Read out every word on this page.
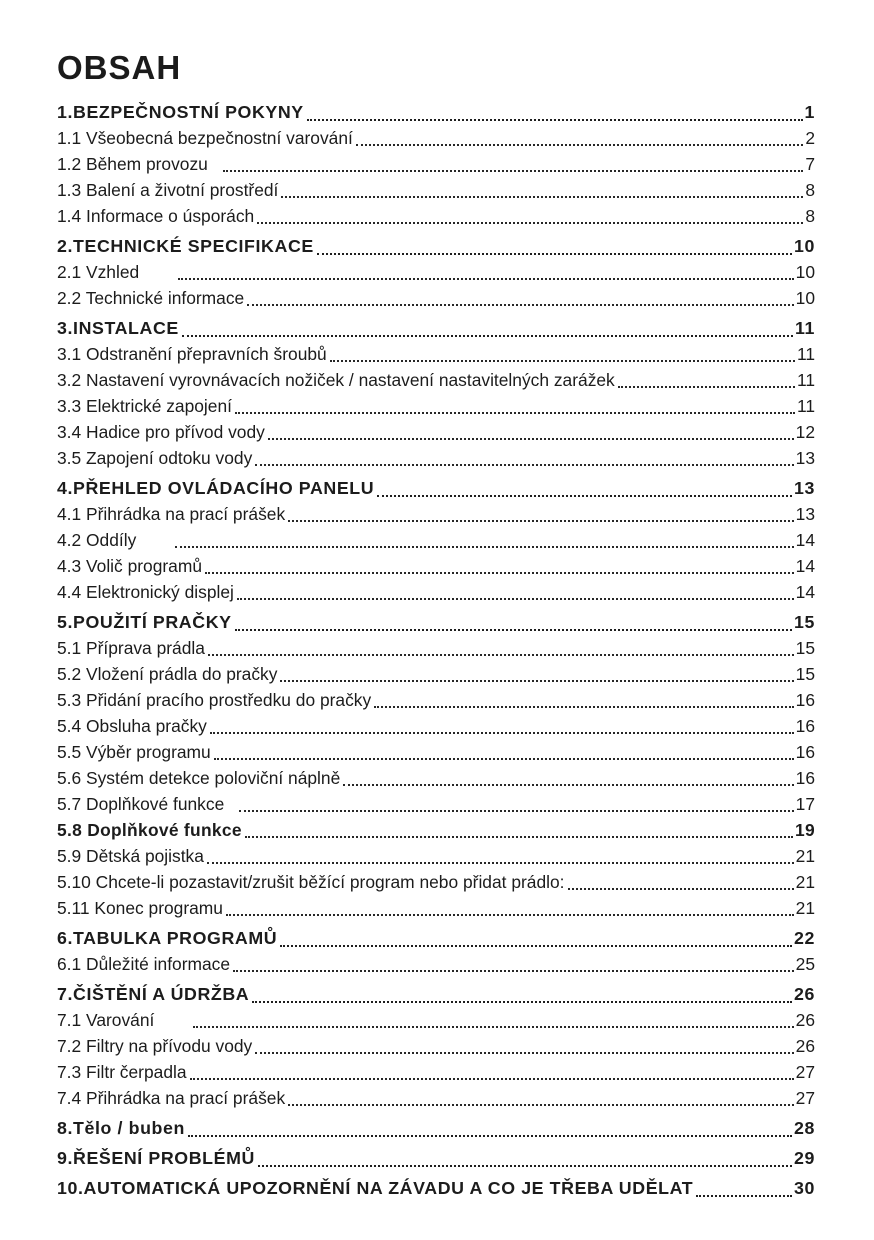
OBSAH
1.BEZPEČNOSTNÍ POKYNY	1
1.1 Všeobecná bezpečnostní varování	2
1.2 Během provozu	7
1.3 Balení a životní prostředí	8
1.4 Informace o úsporách	8
2.TECHNICKÉ SPECIFIKACE	10
2.1 Vzhled	10
2.2 Technické informace	10
3.INSTALACE	11
3.1 Odstranění přepravních šroubů	11
3.2 Nastavení vyrovnávacích nožiček / nastavení nastavitelných zarážek	11
3.3 Elektrické zapojení	11
3.4 Hadice pro přívod vody	12
3.5 Zapojení odtoku vody	13
4.PŘEHLED OVLÁDACÍHO PANELU	13
4.1 Přihrádka na prací prášek	13
4.2 Oddíly	14
4.3 Volič programů	14
4.4 Elektronický displej	14
5.POUŽITÍ PRAČKY	15
5.1 Příprava prádla	15
5.2 Vložení prádla do pračky	15
5.3 Přidání pracího prostředku do pračky	16
5.4 Obsluha pračky	16
5.5 Výběr programu	16
5.6 Systém detekce poloviční náplně	16
5.7 Doplňkové funkce	17
5.8 Doplňkové funkce	19
5.9 Dětská pojistka	21
5.10 Chcete-li pozastavit/zrušit běžící program nebo přidat prádlo:	21
5.11 Konec programu	21
6.TABULKA PROGRAMŮ	22
6.1 Důležité informace	25
7.ČIŠTĚNÍ A ÚDRŽBA	26
7.1 Varování	26
7.2 Filtry na přívodu vody	26
7.3 Filtr čerpadla	27
7.4 Přihrádka na prací prášek	27
8.Tělo / buben	28
9.ŘEŠENÍ PROBLÉMŮ	29
10.AUTOMATICKÁ UPOZORNĚNÍ NA ZÁVADU A CO JE TŘEBA UDĚLAT	30
